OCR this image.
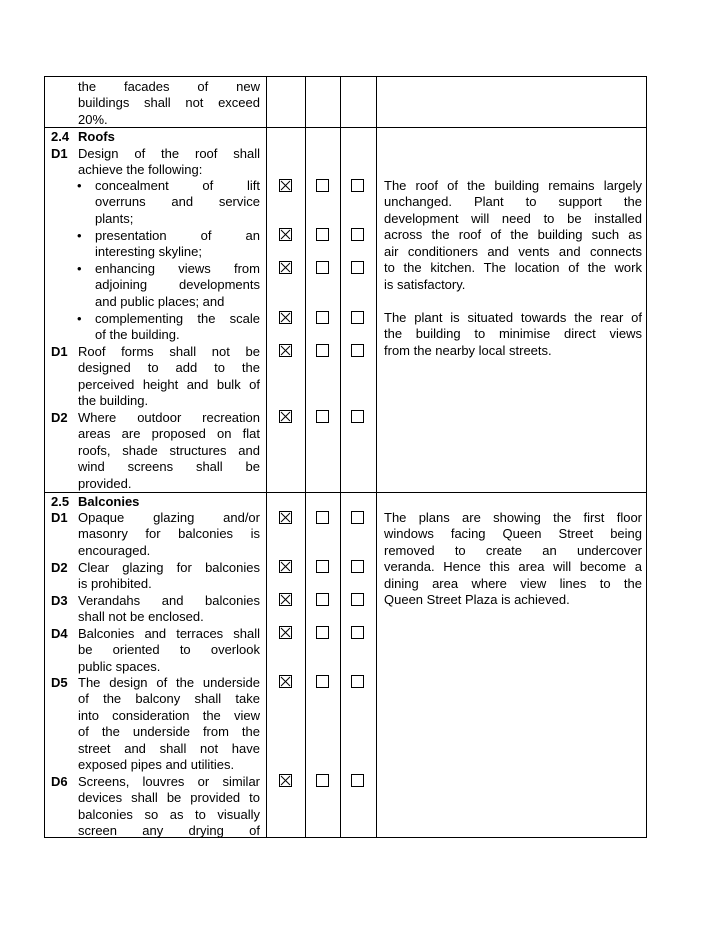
the facades of new
buildings shall not exceed
20%.
2.4 Roofs
D1 Design of the roof shall
achieve the following:
• concealment of lift
overruns and service
plants;
• presentation of an
interesting skyline;
• enhancing views from
adjoining developments
and public places; and
• complementing the scale
of the building.
D1 Roof forms shall not be
designed to add to the
perceived height and bulk of
the building.
D2 Where outdoor recreation
areas are proposed on flat
roofs, shade structures and
wind screens shall be
provided.
The roof of the building remains largely
unchanged. Plant to support the
development will need to be installed
across the roof of the building such as
air conditioners and vents and connects
to the kitchen. The location of the work
is satisfactory.
The plant is situated towards the rear of
the building to minimise direct views
from the nearby local streets.
2.5 Balconies
D1 Opaque glazing and/or
masonry for balconies is
encouraged.
D2 Clear glazing for balconies
is prohibited.
D3 Verandahs and balconies
shall not be enclosed.
D4 Balconies and terraces shall
be oriented to overlook
public spaces.
D5 The design of the underside
of the balcony shall take
into consideration the view
of the underside from the
street and shall not have
exposed pipes and utilities.
D6 Screens, louvres or similar
devices shall be provided to
balconies so as to visually
screen any drying of
The plans are showing the first floor
windows facing Queen Street being
removed to create an undercover
veranda. Hence this area will become a
dining area where view lines to the
Queen Street Plaza is achieved.
